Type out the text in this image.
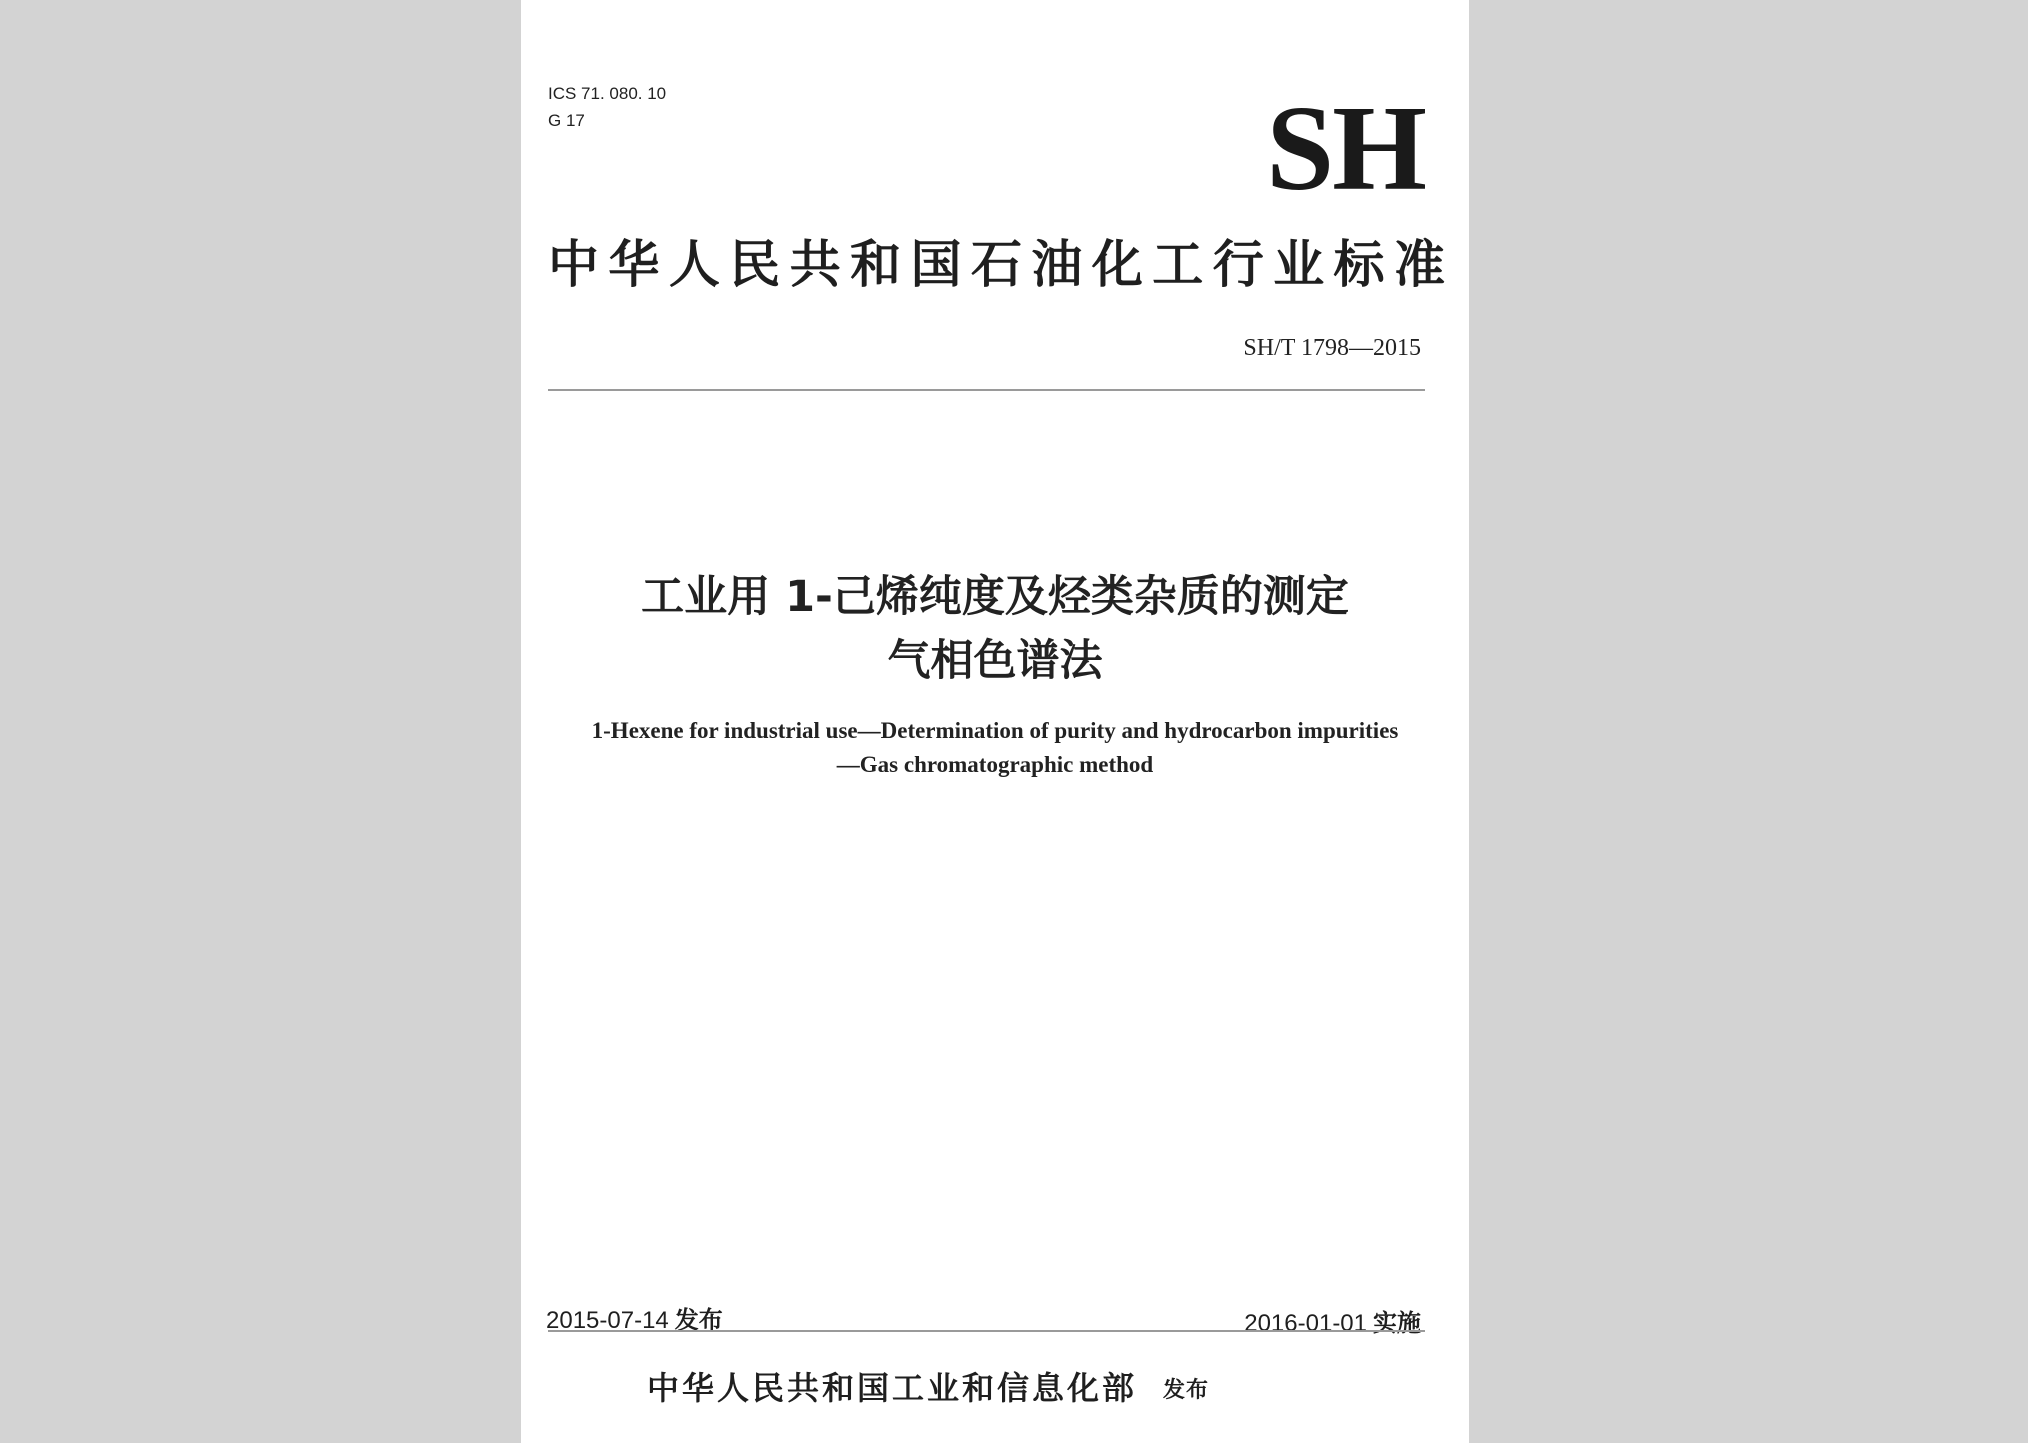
ICS 71. 080. 10
G 17	SH
中华人民共和国石油化工行业标准
SH/T 1798—2015
工业用 1-己烯纯度及烃类杂质的测定
气相色谱法
1-Hexene for industrial use—Determination of purity and hydrocarbon impurities
—Gas chromatographic method
2015-07-14 发布	2016-01-01 实施
中华人民共和国工业和信息化部 发布
